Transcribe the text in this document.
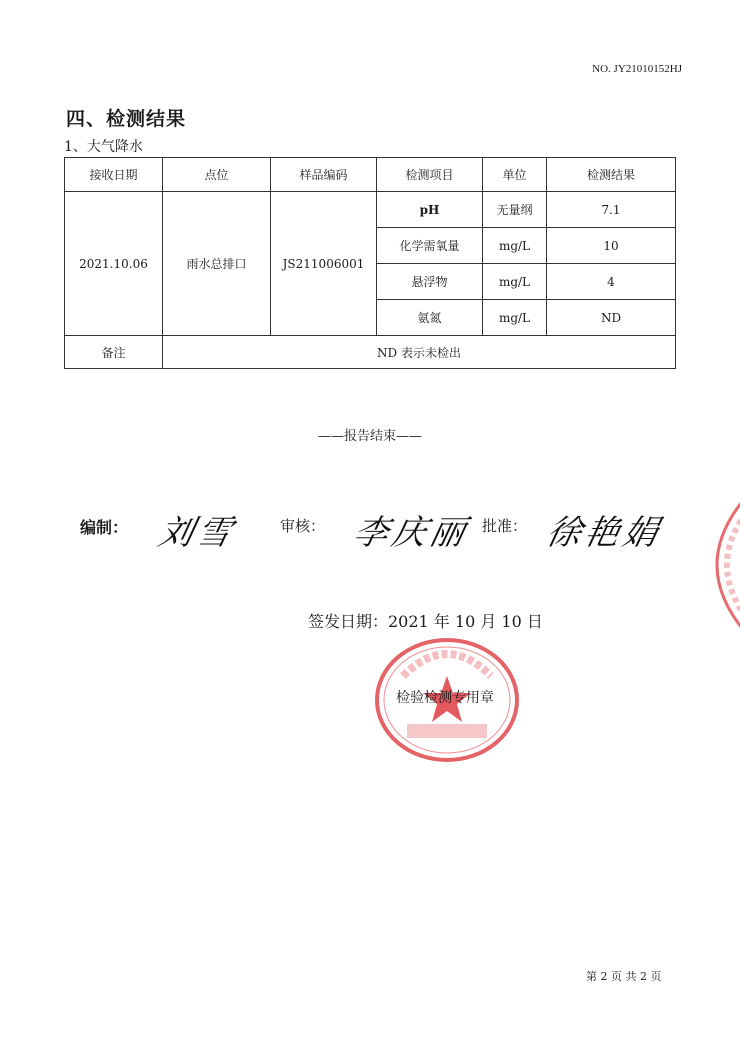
NO. JY21010152HJ
四、检测结果
1、大气降水
接收日期	点位	样品编码	检测项目	单位	检测结果
2021.10.06	雨水总排口	JS211006001	pH	无量纲	7.1
			化学需氧量	mg/L	10
			悬浮物	mg/L	4
			氨氮	mg/L	ND
备注	ND 表示未检出				
——报告结束——
编制： 刘雪	审核： 李庆丽 批准： 徐艳娟
签发日期：2021 年 10 月 10 日
检验检测专用章
第 2 页 共 2 页
